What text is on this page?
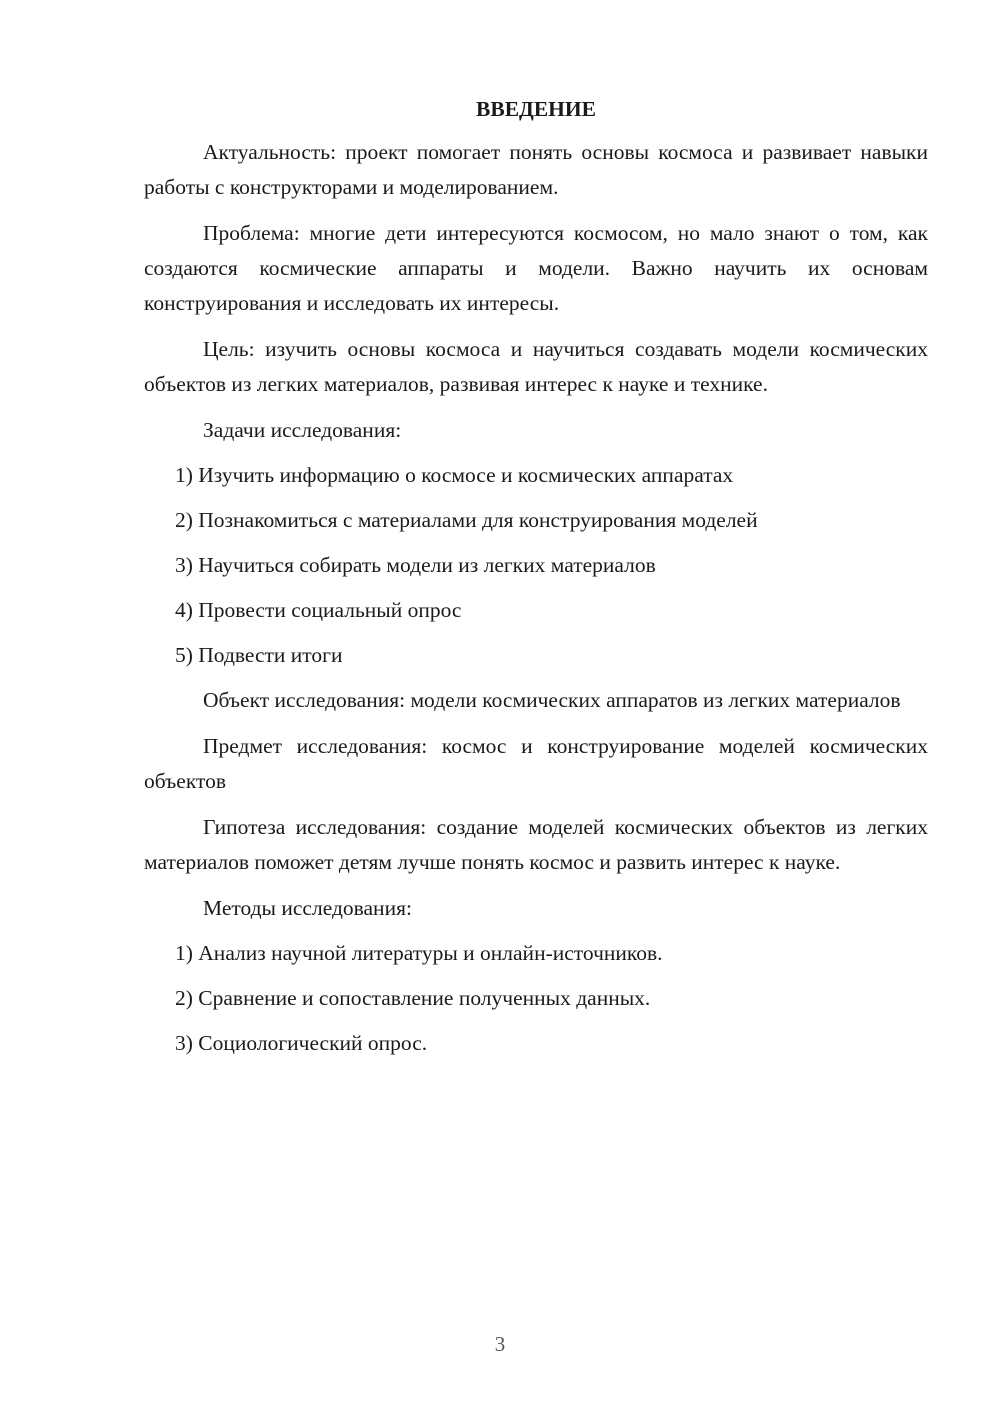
ВВЕДЕНИЕ

Актуальность: проект помогает понять основы космоса и развивает навыки работы с конструкторами и моделированием.

Проблема: многие дети интересуются космосом, но мало знают о том, как создаются космические аппараты и модели. Важно научить их основам конструирования и исследовать их интересы.

Цель: изучить основы космоса и научиться создавать модели космических объектов из легких материалов, развивая интерес к науке и технике.

Задачи исследования:
1) Изучить информацию о космосе и космических аппаратах
2) Познакомиться с материалами для конструирования моделей
3) Научиться собирать модели из легких материалов
4) Провести социальный опрос
5) Подвести итоги

Объект исследования: модели космических аппаратов из легких материалов

Предмет исследования: космос и конструирование моделей космических объектов

Гипотеза исследования: создание моделей космических объектов из легких материалов поможет детям лучше понять космос и развить интерес к науке.

Методы исследования:
1) Анализ научной литературы и онлайн-источников.
2) Сравнение и сопоставление полученных данных.
3) Социологический опрос.
3
